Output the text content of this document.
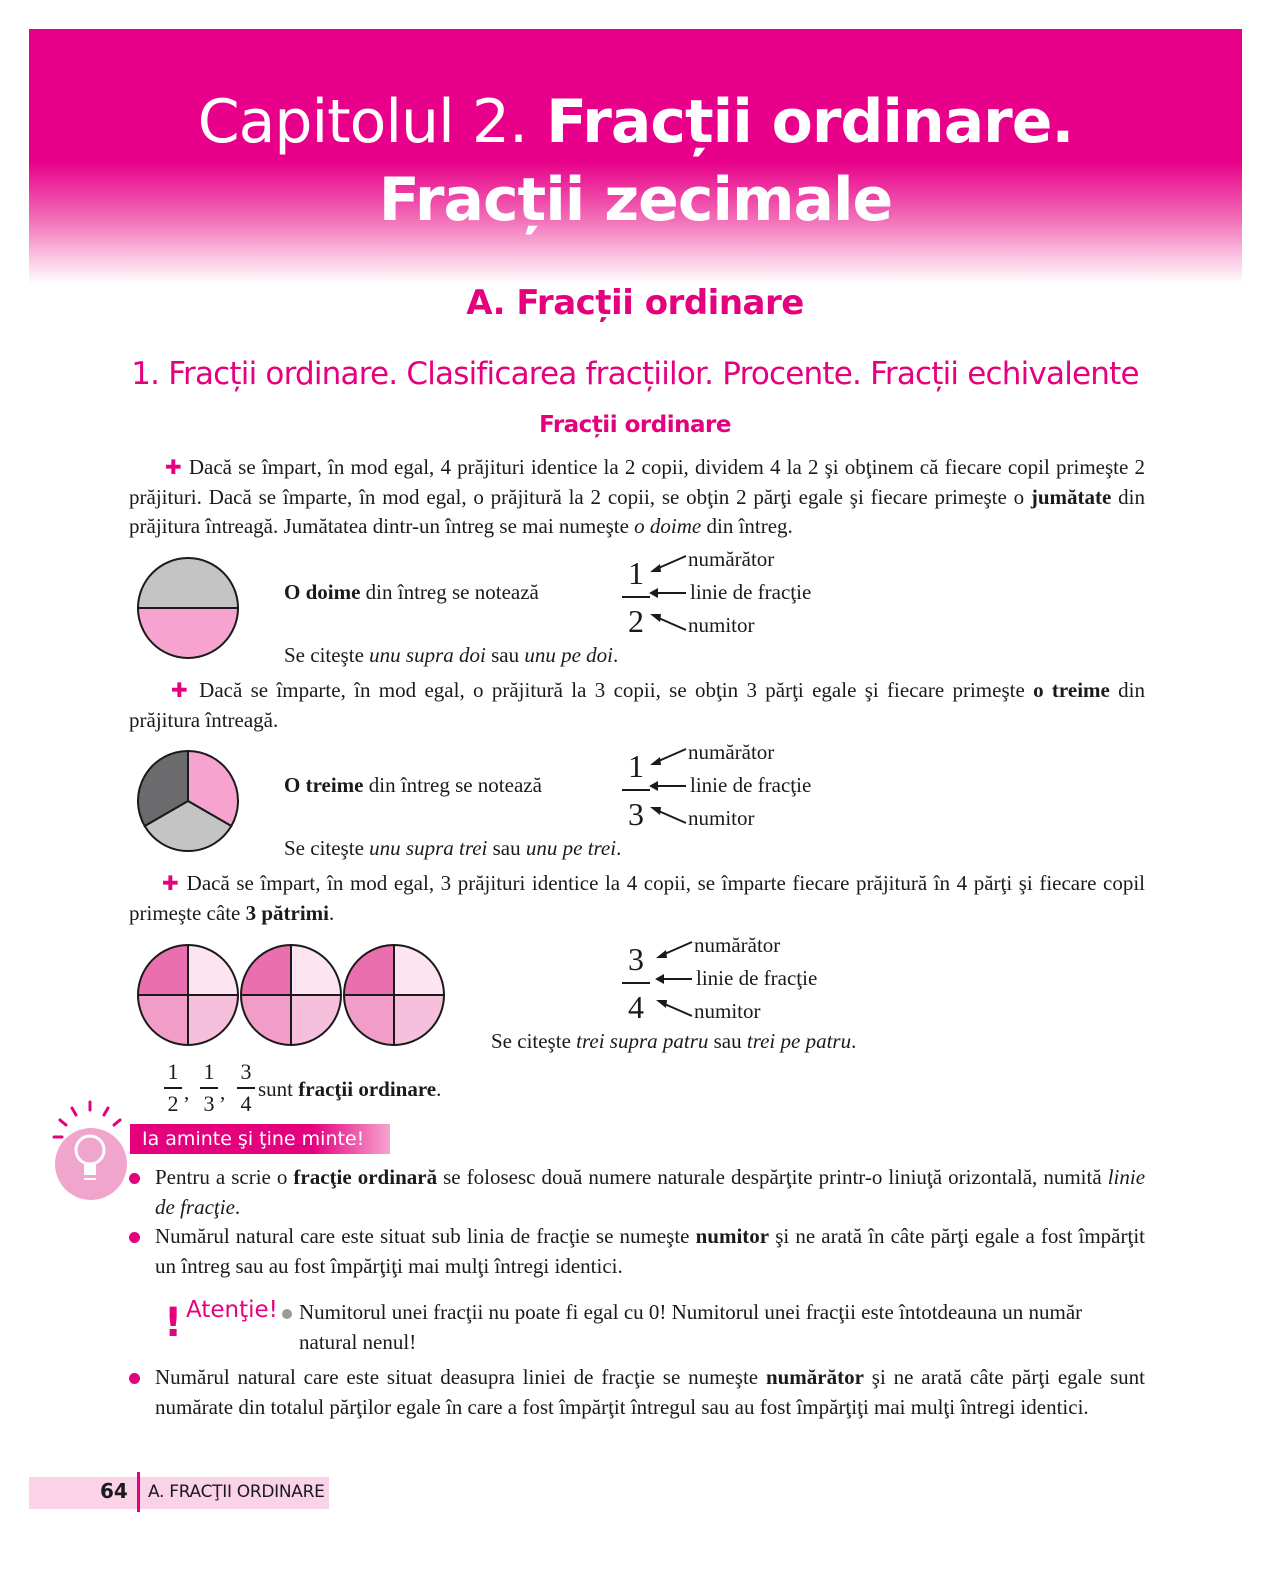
Capitolul 2. Fracții ordinare.
Fracții zecimale
A. Fracții ordinare
1. Fracții ordinare. Clasificarea fracțiilor. Procente. Fracții echivalente
Fracții ordinare
✚ Dacă se împart, în mod egal, 4 prăjituri identice la 2 copii, dividem 4 la 2 şi obţinem că fiecare copil primeşte 2 prăjituri. Dacă se împarte, în mod egal, o prăjitură la 2 copii, se obţin 2 părţi egale şi fiecare primeşte o jumătate din prăjitura întreagă. Jumătatea dintr-un întreg se mai numeşte o doime din întreg.
O doime din întreg se notează
1
2
numărător
linie de fracţie
numitor
Se citeşte unu supra doi sau unu pe doi.
✚ Dacă se împarte, în mod egal, o prăjitură la 3 copii, se obţin 3 părţi egale şi fiecare primeşte o treime din prăjitura întreagă.
O treime din întreg se notează
1
3
numărător
linie de fracţie
numitor
Se citeşte unu supra trei sau unu pe trei.
✚ Dacă se împart, în mod egal, 3 prăjituri identice la 4 copii, se împarte fiecare prăjitură în 4 părţi şi fiecare copil primeşte câte 3 pătrimi.
3
4
numărător
linie de fracţie
numitor
Se citeşte trei supra patru sau trei pe patru.
1
2 ,
1
3 ,
3
4
sunt fracţii ordinare.
Ia aminte şi ţine minte!
Pentru a scrie o fracţie ordinară se folosesc două numere naturale despărţite printr-o liniuţă orizontală, numită linie de fracţie.
Numărul natural care este situat sub linia de fracţie se numeşte numitor şi ne arată în câte părţi egale a fost împărţit un întreg sau au fost împărţiţi mai mulţi întregi identici.
! Atenţie! Numitorul unei fracţii nu poate fi egal cu 0! Numitorul unei fracţii este întotdeauna un număr natural nenul!
Numărul natural care este situat deasupra liniei de fracţie se numeşte numărător şi ne arată câte părţi egale sunt numărate din totalul părţilor egale în care a fost împărţit întregul sau au fost împărţiţi mai mulţi întregi identici.
64 A. FRACŢII ORDINARE
